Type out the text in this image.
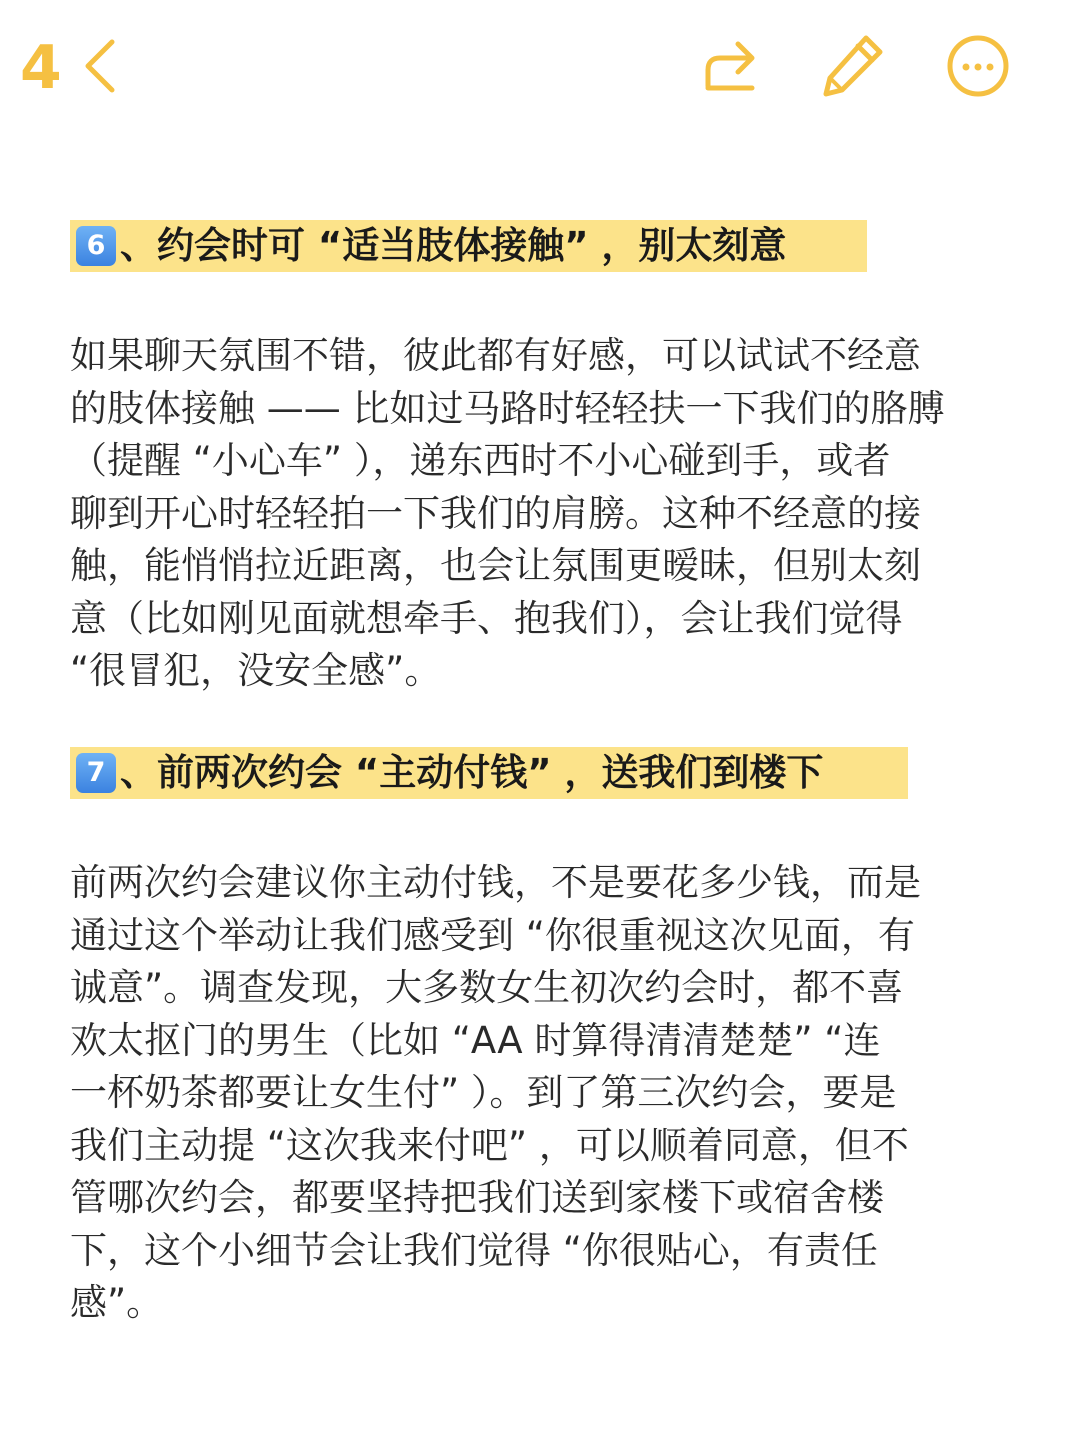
4
6 、约会时可 “适当肢体接触” ，别太刻意

如果聊天氛围不错，彼此都有好感，可以试试不经意
的肢体接触 —— 比如过马路时轻轻扶一下我们的胳膊
（提醒 “小心车” ），递东西时不小心碰到手，或者
聊到开心时轻轻拍一下我们的肩膀。这种不经意的接
触，能悄悄拉近距离，也会让氛围更暧昧，但别太刻
意（比如刚见面就想牵手、抱我们），会让我们觉得
“很冒犯，没安全感”。

7 、前两次约会 “主动付钱” ，送我们到楼下

前两次约会建议你主动付钱，不是要花多少钱，而是
通过这个举动让我们感受到 “你很重视这次见面，有
诚意”。调查发现，大多数女生初次约会时，都不喜
欢太抠门的男生（比如 “AA 时算得清清楚楚” “连
一杯奶茶都要让女生付” ）。到了第三次约会，要是
我们主动提 “这次我来付吧” ，可以顺着同意，但不
管哪次约会，都要坚持把我们送到家楼下或宿舍楼
下，这个小细节会让我们觉得 “你很贴心，有责任
感”。
